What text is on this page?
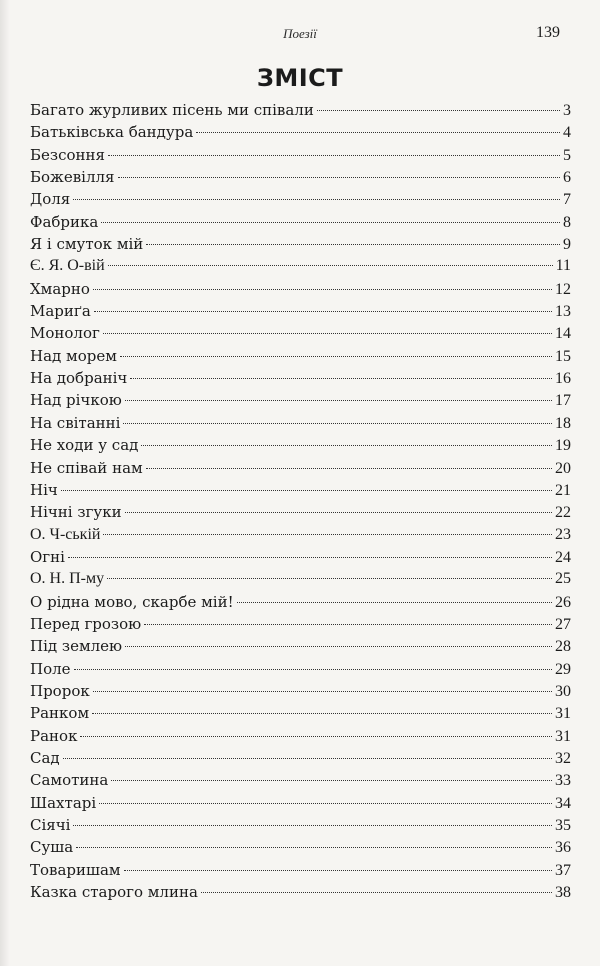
Поезії	139
ЗМІСТ
Багато журливих пісень ми співали	3
Батьківська бандура	4
Безсоння	5
Божевілля	6
Доля	7
Фабрика	8
Я і смуток мій	9
Є. Я. О-вій	11
Хмарно	12
Мариґа	13
Монолог	14
Над морем	15
На добраніч	16
Над річкою	17
На світанні	18
Не ходи у сад	19
Не співай нам	20
Ніч	21
Нічні згуки	22
О. Ч-ській	23
Огні	24
О. Н. П-му	25
О рідна мово, скарбе мій!	26
Перед грозою	27
Під землею	28
Поле	29
Пророк	30
Ранком	31
Ранок	31
Сад	32
Самотина	33
Шахтарі	34
Сіячі	35
Суша	36
Товаришам	37
Казка старого млина	38
